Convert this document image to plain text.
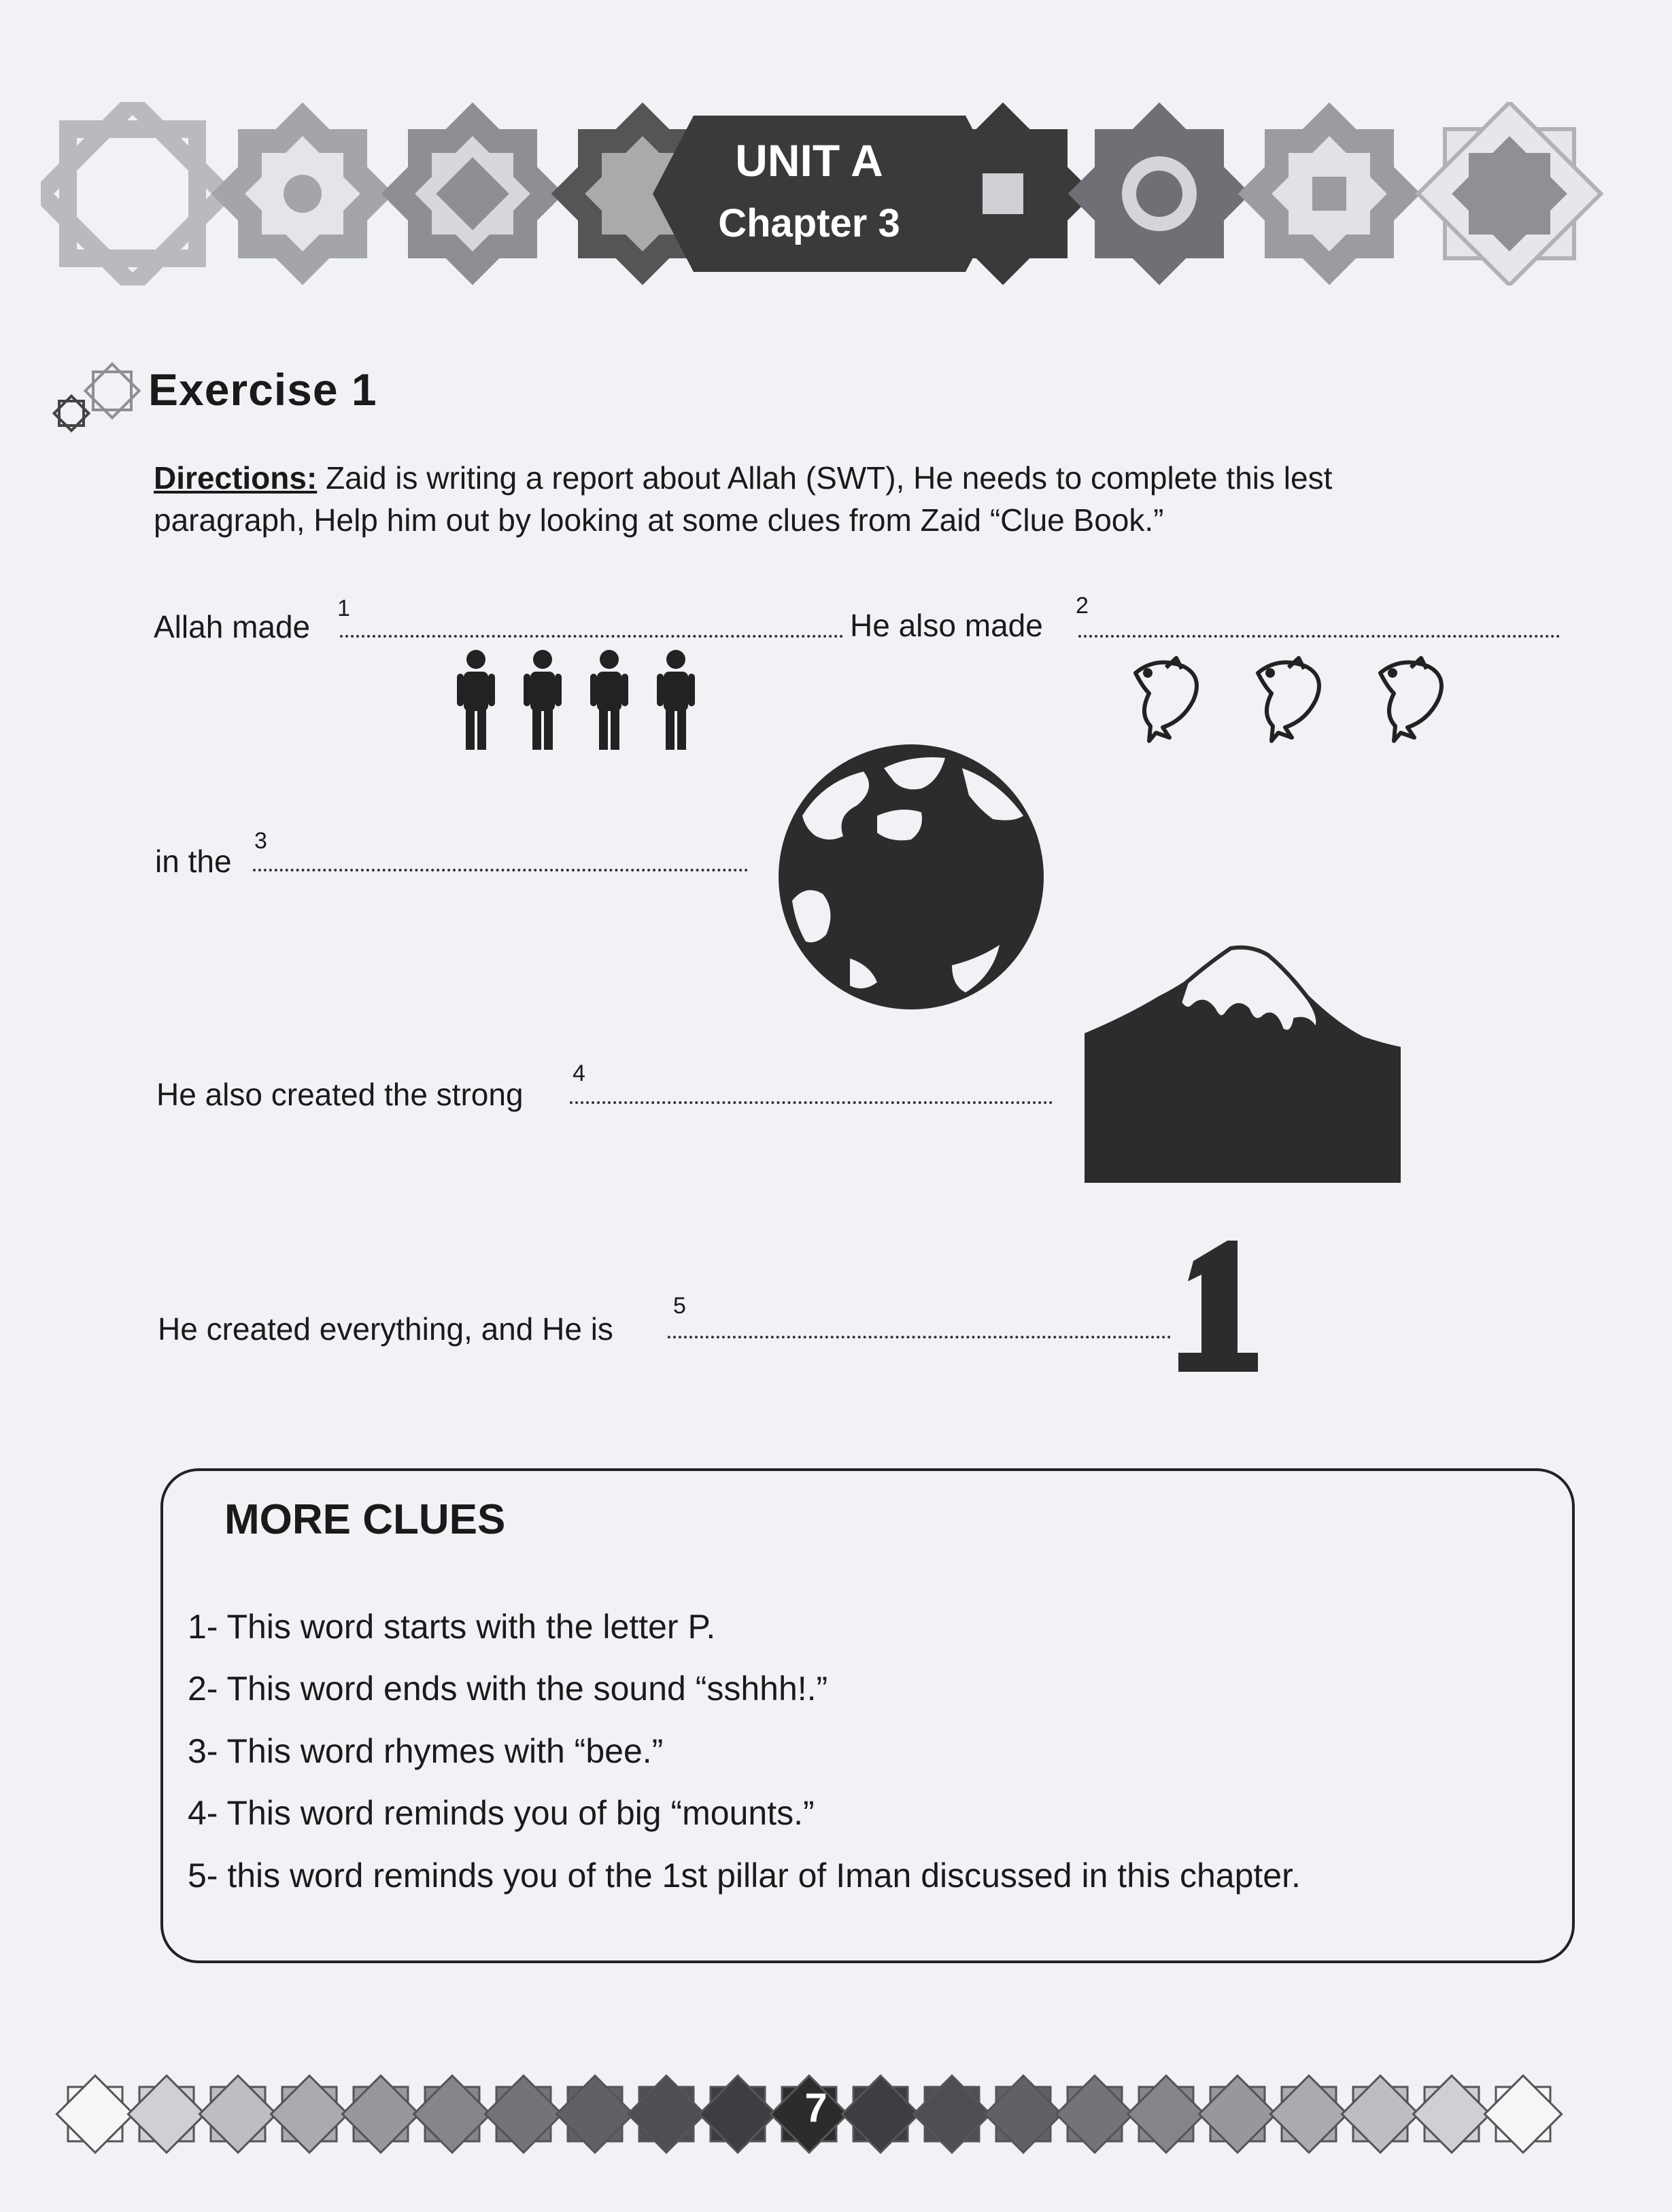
UNIT A
Chapter 3
Exercise 1
Directions: Zaid is writing a report about Allah (SWT), He needs to complete this lest paragraph, Help him out by looking at some clues from Zaid “Clue Book.”
Allah made
1	He also made
2
in the
3
He also created the strong
4
He created everything, and He is
5
MORE CLUES
1- This word starts with the letter P.
2- This word ends with the sound “sshhh!.”
3- This word rhymes with “bee.”
4- This word reminds you of big “mounts.”
5- this word reminds you of the 1st pillar of Iman discussed in this chapter.
7
